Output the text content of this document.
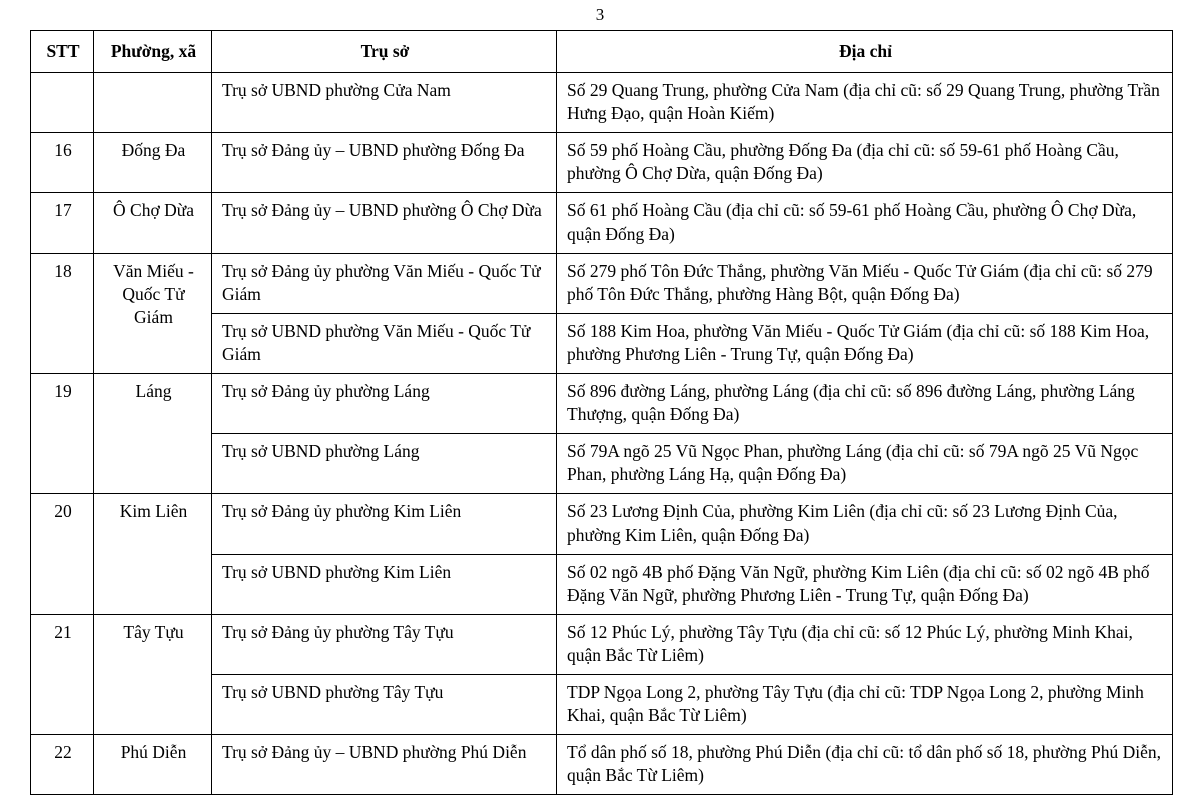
3
STT	Phường, xã	Trụ sở	Địa chỉ
		Trụ sở UBND phường Cửa Nam	Số 29 Quang Trung, phường Cửa Nam (địa chỉ cũ: số 29 Quang Trung, phường Trần Hưng Đạo, quận Hoàn Kiếm)
16	Đống Đa	Trụ sở Đảng ủy – UBND phường Đống Đa	Số 59 phố Hoàng Cầu, phường Đống Đa (địa chỉ cũ: số 59-61 phố Hoàng Cầu, phường Ô Chợ Dừa, quận Đống Đa)
17	Ô Chợ Dừa	Trụ sở Đảng ủy – UBND phường Ô Chợ Dừa	Số 61 phố Hoàng Cầu (địa chỉ cũ: số 59-61 phố Hoàng Cầu, phường Ô Chợ Dừa, quận Đống Đa)
18	Văn Miếu - Quốc Tử Giám	Trụ sở Đảng ủy phường Văn Miếu - Quốc Tử Giám	Số 279 phố Tôn Đức Thắng, phường Văn Miếu - Quốc Tử Giám (địa chỉ cũ: số 279 phố Tôn Đức Thắng, phường Hàng Bột, quận Đống Đa)
		Trụ sở UBND phường Văn Miếu - Quốc Tử Giám	Số 188 Kim Hoa, phường Văn Miếu - Quốc Tử Giám (địa chỉ cũ: số 188 Kim Hoa, phường Phương Liên - Trung Tự, quận Đống Đa)
19	Láng	Trụ sở Đảng ủy phường Láng	Số 896 đường Láng, phường Láng (địa chỉ cũ: số 896 đường Láng, phường Láng Thượng, quận Đống Đa)
		Trụ sở UBND phường Láng	Số 79A ngõ 25 Vũ Ngọc Phan, phường Láng (địa chỉ cũ: số 79A ngõ 25 Vũ Ngọc Phan, phường Láng Hạ, quận Đống Đa)
20	Kim Liên	Trụ sở Đảng ủy phường Kim Liên	Số 23 Lương Định Của, phường Kim Liên (địa chỉ cũ: số 23 Lương Định Của, phường Kim Liên, quận Đống Đa)
		Trụ sở UBND phường Kim Liên	Số 02 ngõ 4B phố Đặng Văn Ngữ, phường Kim Liên (địa chỉ cũ: số 02 ngõ 4B phố Đặng Văn Ngữ, phường Phương Liên - Trung Tự, quận Đống Đa)
21	Tây Tựu	Trụ sở Đảng ủy phường Tây Tựu	Số 12 Phúc Lý, phường Tây Tựu (địa chỉ cũ: số 12 Phúc Lý, phường Minh Khai, quận Bắc Từ Liêm)
		Trụ sở UBND phường Tây Tựu	TDP Ngọa Long 2, phường Tây Tựu (địa chỉ cũ: TDP Ngọa Long 2, phường Minh Khai, quận Bắc Từ Liêm)
22	Phú Diễn	Trụ sở Đảng ủy – UBND phường Phú Diễn	Tổ dân phố số 18, phường Phú Diễn (địa chỉ cũ: tổ dân phố số 18, phường Phú Diễn, quận Bắc Từ Liêm)
